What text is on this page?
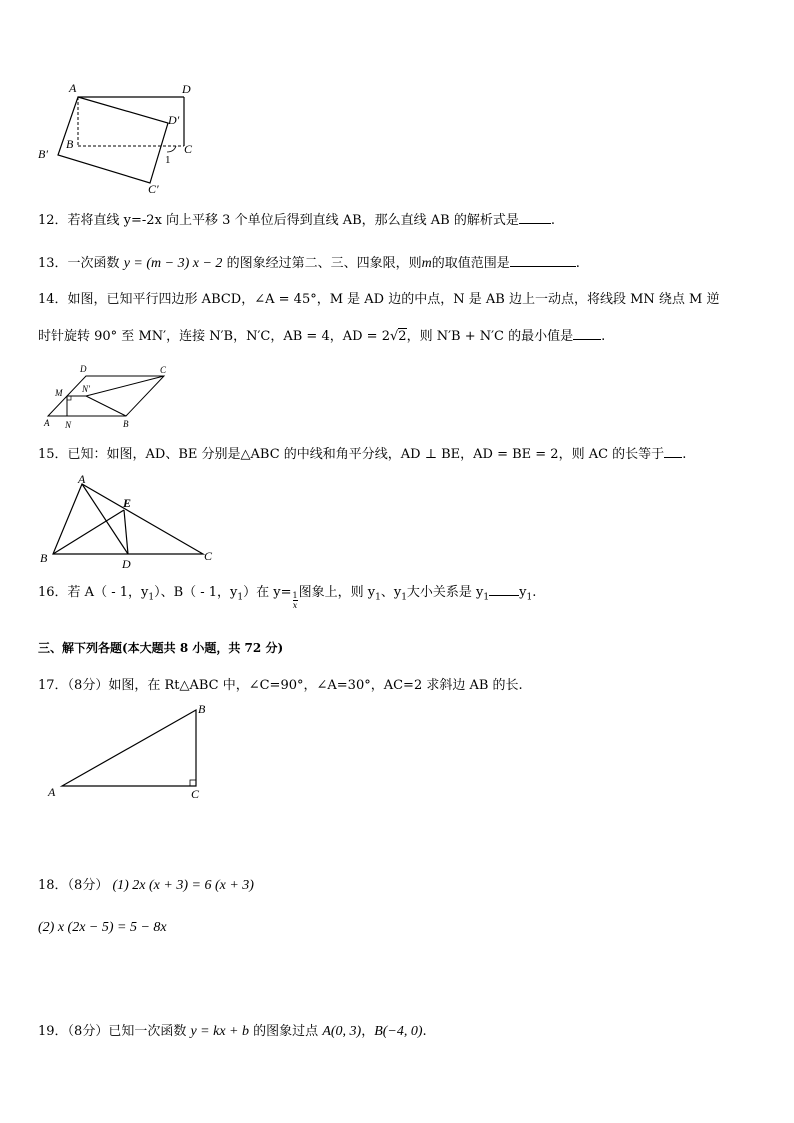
A	D
D′
B′
B	C
1
C′
12．若将直线 y=-2x 向上平移 3 个单位后得到直线 AB，那么直线 AB 的解析式是 .
13．一次函数 y = (m − 3) x − 2 的图象经过第二、三、四象限，则m的取值范围是	.
14．如图，已知平行四边形 ABCD，∠A = 45°，M 是 AD 边的中点，N 是 AB 边上一动点，将线段 MN 绕点 M 逆
时针旋转 90° 至 MN′，连接 N′B，N′C，AB = 4，AD = 2√2，则 N′B + N′C 的最小值是 .
D	C
M N′
A N	B
15．已知：如图，AD、BE 分别是△ABC 的中线和角平分线，AD ⊥ BE，AD = BE = 2，则 AC 的长等于 .
A
E
B	D
C
16．若 A（ - 1，$y_1$）、B（ - 1，$y_1$）在 $y= \frac{1}{x}$ 图象上，则 $y_1$、$y_1$大小关系是 $y_1$ $y_1$.
三、解下列各题(本大题共 8 小题，共 72 分)
17．（8分）如图，在 Rt△ABC 中，∠C=90°，∠A=30°，AC=2 求斜边 AB 的长.
B
A	C
18．（8分） (1) 2x (x + 3) = 6 (x + 3)
(2) x (2x − 5) = 5 − 8x
19．（8分）已知一次函数 y = kx + b 的图象过点 A(0, 3)，B(−4, 0).
